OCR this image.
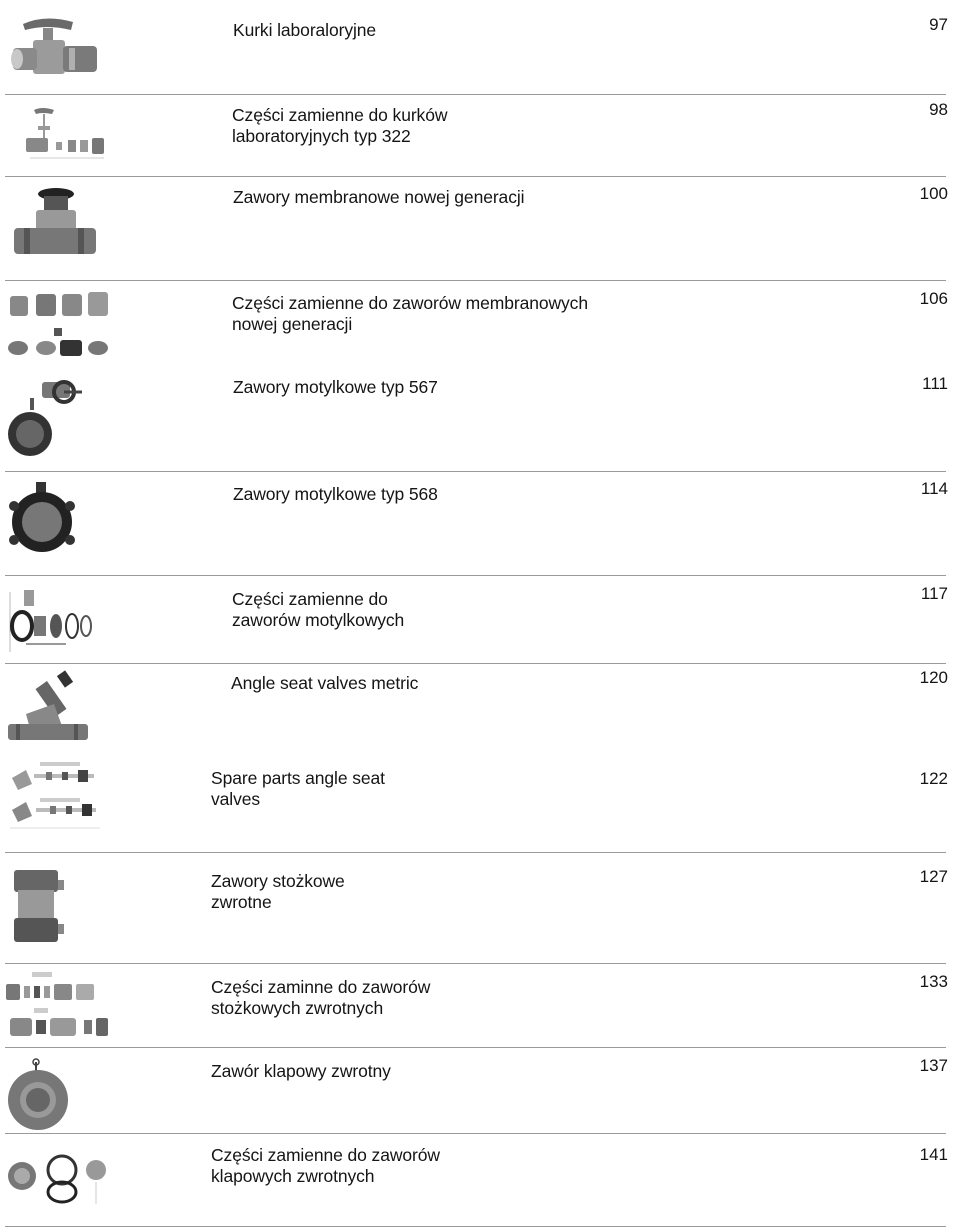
Kurki laboraloryjne	97
Części zamienne do kurków
laboratoryjnych typ 322
98
Zawory membranowe nowej generacji	100
Części zamienne do zaworów membranowych
nowej generacji
106
Zawory motylkowe typ 567	111
Zawory motylkowe typ 568	114
Części zamienne do
zaworów motylkowych
117
Angle seat valves metric	120
Spare parts angle seat
valves
122
Zawory stożkowe
zwrotne
127
Części zaminne do zaworów
stożkowych zwrotnych
133
Zawór klapowy zwrotny	137
Części zamienne do zaworów
klapowych zwrotnych
141
